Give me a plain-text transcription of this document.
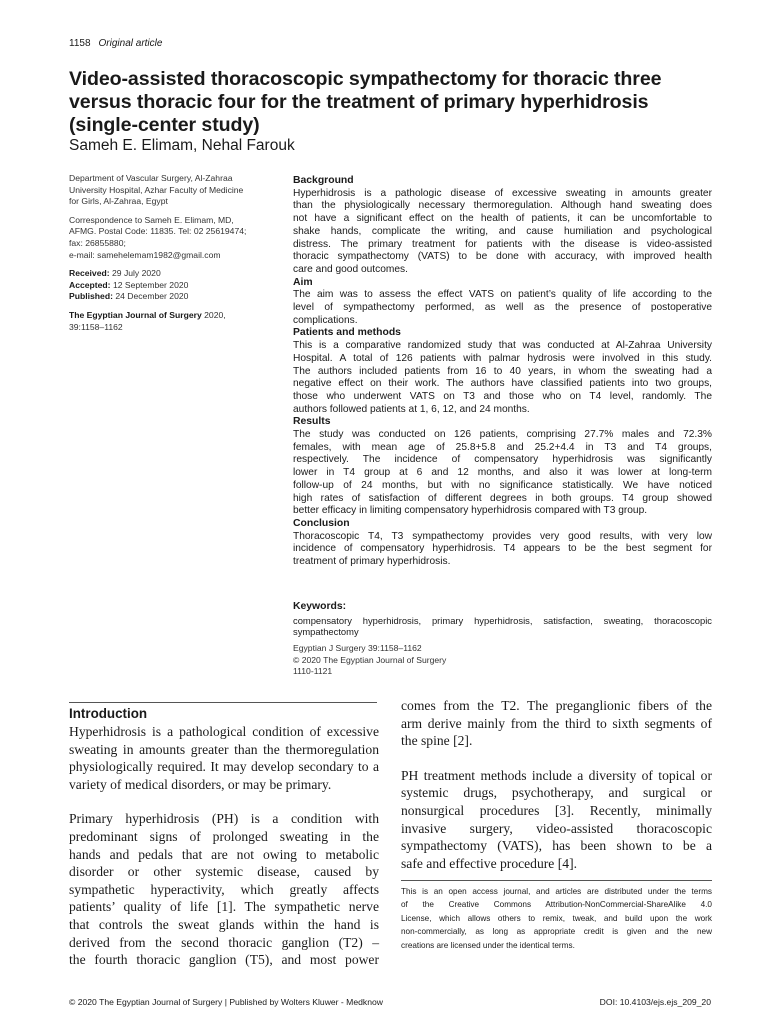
1158 Original article
Video-assisted thoracoscopic sympathectomy for thoracic three
versus thoracic four for the treatment of primary hyperhidrosis
(single-center study)

Sameh E. Elimam, Nehal Farouk

Department of Vascular Surgery, Al-Zahraa
University Hospital, Azhar Faculty of Medicine
for Girls, Al-Zahraa, Egypt

Correspondence to Sameh E. Elimam, MD,
AFMG. Postal Code: 11835. Tel: 02 25619474;
fax: 26855880;
e-mail: samehelemam1982@gmail.com

Received: 29 July 2020
Accepted: 12 September 2020
Published: 24 December 2020

The Egyptian Journal of Surgery 2020,
39:1158–1162

Background
Hyperhidrosis is a pathologic disease of excessive sweating in amounts greater
than the physiologically necessary thermoregulation. Although hand sweating does
not have a significant effect on the health of patients, it can be uncomfortable to
shake hands, complicate the writing, and cause humiliation and psychological
distress. The primary treatment for patients with the disease is video-assisted
thoracic sympathectomy (VATS) to be done with accuracy, with improved health
care and good outcomes.
Aim
The aim was to assess the effect VATS on patient’s quality of life according to the
level of sympathectomy performed, as well as the presence of postoperative
complications.
Patients and methods
This is a comparative randomized study that was conducted at Al-Zahraa University
Hospital. A total of 126 patients with palmar hydrosis were involved in this study.
The authors included patients from 16 to 40 years, in whom the sweating had a
negative effect on their work. The authors have classified patients into two groups,
those who underwent VATS on T3 and those who on T4 level, randomly. The
authors followed patients at 1, 6, 12, and 24 months.
Results
The study was conducted on 126 patients, comprising 27.7% males and 72.3%
females, with mean age of 25.8+5.8 and 25.2+4.4 in T3 and T4 groups,
respectively. The incidence of compensatory hyperhidrosis was significantly
lower in T4 group at 6 and 12 months, and also it was lower at long-term
follow-up of 24 months, but with no significance statistically. We have noticed
high rates of satisfaction of different degrees in both groups. T4 group showed
better efficacy in limiting compensatory hyperhidrosis compared with T3 group.
Conclusion
Thoracoscopic T4, T3 sympathectomy provides very good results, with very low
incidence of compensatory hyperhidrosis. T4 appears to be the best segment for
treatment of primary hyperhidrosis.
Keywords:
compensatory hyperhidrosis, primary hyperhidrosis, satisfaction, sweating, thoracoscopic
sympathectomy
Egyptian J Surgery 39:1158–1162
© 2020 The Egyptian Journal of Surgery
1110-1121
Introduction

Hyperhidrosis is a pathological condition of excessive
sweating in amounts greater than the thermoregulation
physiologically required. It may develop secondary to a
variety of medical disorders, or may be primary.

Primary hyperhidrosis (PH) is a condition with
predominant signs of prolonged sweating in the
hands and pedals that are not owing to metabolic
disorder or other systemic disease, caused by
sympathetic hyperactivity, which greatly affects
patients’ quality of life [1]. The sympathetic nerve
that controls the sweat glands within the hand is
derived from the second thoracic ganglion (T2) –
the fourth thoracic ganglion (T5), and most power

comes from the T2. The preganglionic fibers of the
arm derive mainly from the third to sixth segments of
the spine [2].

PH treatment methods include a diversity of topical or
systemic drugs, psychotherapy, and surgical or
nonsurgical procedures [3]. Recently, minimally
invasive surgery, video-assisted thoracoscopic
sympathectomy (VATS), has been shown to be a
safe and effective procedure [4].

This is an open access journal, and articles are distributed under the terms
of the Creative Commons Attribution-NonCommercial-ShareAlike 4.0
License, which allows others to remix, tweak, and build upon the work
non-commercially, as long as appropriate credit is given and the new
creations are licensed under the identical terms.
© 2020 The Egyptian Journal of Surgery | Published by Wolters Kluwer - Medknow	DOI: 10.4103/ejs.ejs_209_20
